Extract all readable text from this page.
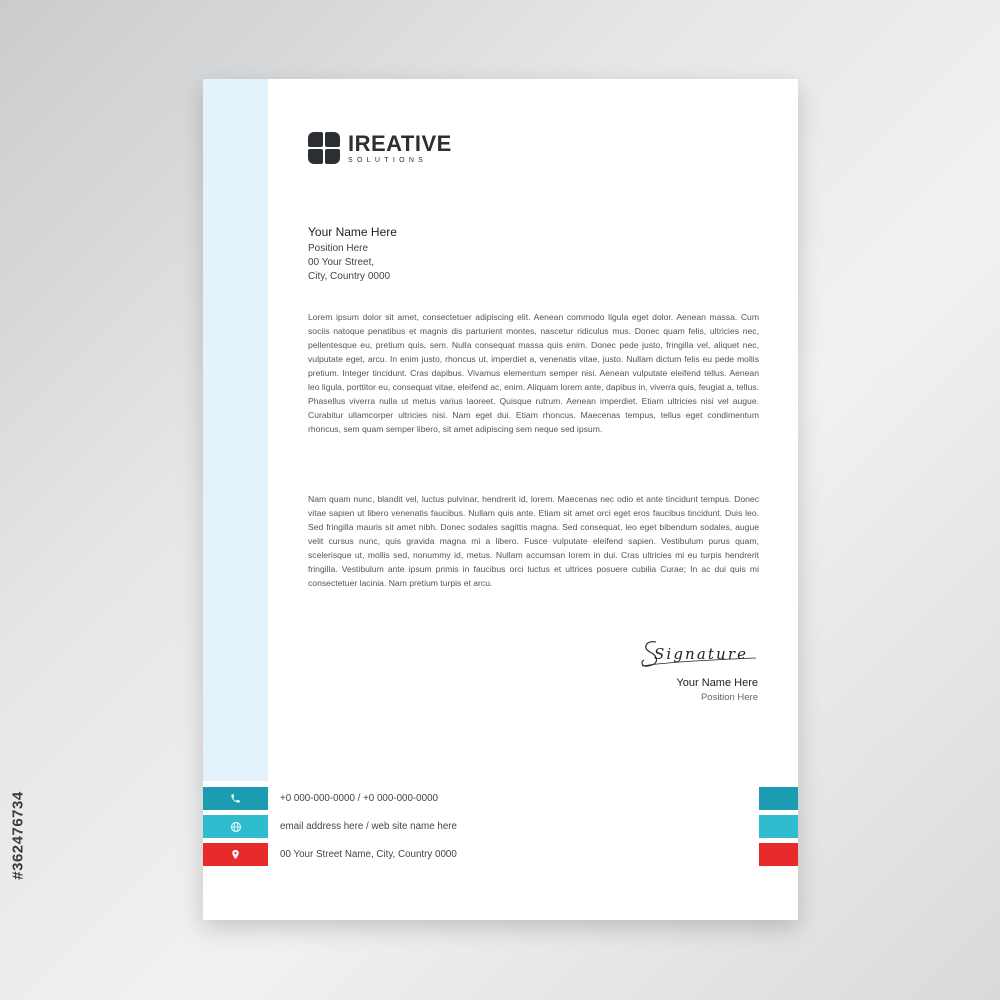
#362476734
IREATIVE
SOLUTIONS
Your Name Here
Position Here
00 Your Street,
City, Country 0000

Lorem ipsum dolor sit amet, consectetuer adipiscing elit. Aenean commodo ligula eget dolor. Aenean massa. Cum sociis natoque penatibus et magnis dis parturient montes, nascetur ridiculus mus. Donec quam felis, ultricies nec, pellentesque eu, pretium quis, sem. Nulla consequat massa quis enim. Donec pede justo, fringilla vel, aliquet nec, vulputate eget, arcu. In enim justo, rhoncus ut, imperdiet a, venenatis vitae, justo. Nullam dictum felis eu pede mollis pretium. Integer tincidunt. Cras dapibus. Vivamus elementum semper nisi. Aenean vulputate eleifend tellus. Aenean leo ligula, porttitor eu, consequat vitae, eleifend ac, enim. Aliquam lorem ante, dapibus in, viverra quis, feugiat a, tellus. Phasellus viverra nulla ut metus varius laoreet. Quisque rutrum. Aenean imperdiet. Etiam ultricies nisi vel augue. Curabitur ullamcorper ultricies nisi. Nam eget dui. Etiam rhoncus. Maecenas tempus, tellus eget condimentum rhoncus, sem quam semper libero, sit amet adipiscing sem neque sed ipsum.

Nam quam nunc, blandit vel, luctus pulvinar, hendrerit id, lorem. Maecenas nec odio et ante tincidunt tempus. Donec vitae sapien ut libero venenatis faucibus. Nullam quis ante. Etiam sit amet orci eget eros faucibus tincidunt. Duis leo. Sed fringilla mauris sit amet nibh. Donec sodales sagittis magna. Sed consequat, leo eget bibendum sodales, augue velit cursus nunc, quis gravida magna mi a libero. Fusce vulputate eleifend sapien. Vestibulum purus quam, scelerisque ut, mollis sed, nonummy id, metus. Nullam accumsan lorem in dui. Cras ultricies mi eu turpis hendrerit fringilla. Vestibulum ante ipsum primis in faucibus orci luctus et ultrices posuere cubilia Curae; In ac dui quis mi consectetuer lacinia. Nam pretium turpis et arcu.

Signature
Your Name Here
Position Here
+0 000-000-0000 / +0 000-000-0000
email address here / web site name here
00 Your Street Name, City, Country 0000
